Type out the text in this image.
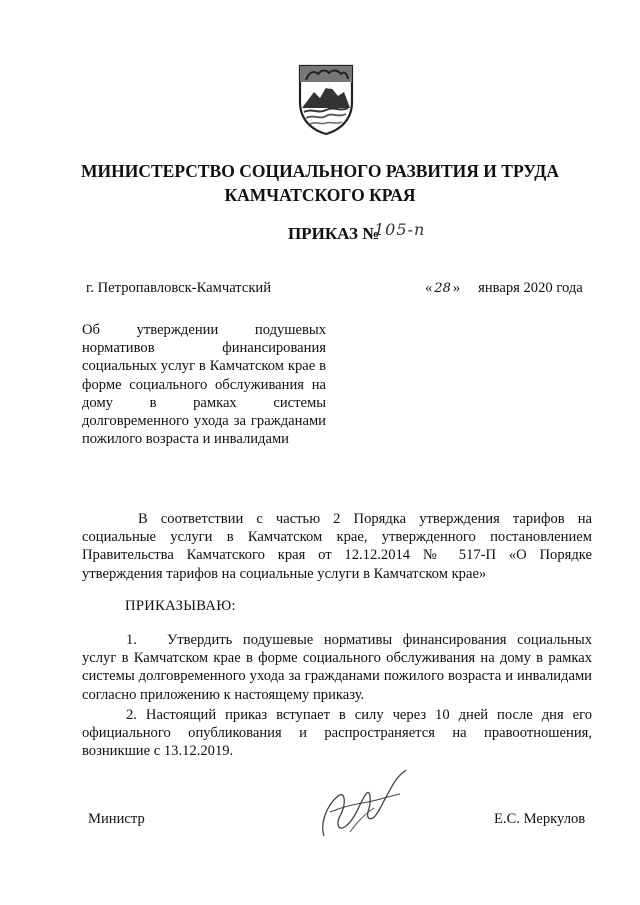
МИНИСТЕРСТВО СОЦИАЛЬНОГО РАЗВИТИЯ И ТРУДА
КАМЧАТСКОГО КРАЯ
ПРИКАЗ №
105-п
г. Петропавловск-Камчатский	« 28 » января 2020 года
Об утверждении подушевых нормативов финансирования социальных услуг в Камчатском крае в форме социального обслуживания на дому в рамках системы долговременного ухода за гражданами пожилого возраста и инвалидами
В соответствии с частью 2 Порядка утверждения тарифов на социальные услуги в Камчатском крае, утвержденного постановлением Правительства Камчатского края от 12.12.2014 № 517-П «О Порядке утверждения тарифов на социальные услуги в Камчатском крае»
ПРИКАЗЫВАЮ:
1. Утвердить подушевые нормативы финансирования социальных услуг в Камчатском крае в форме социального обслуживания на дому в рамках системы долговременного ухода за гражданами пожилого возраста и инвалидами согласно приложению к настоящему приказу.
2. Настоящий приказ вступает в силу через 10 дней после дня его официального опубликования и распространяется на правоотношения, возникшие с 13.12.2019.
Министр	Е.С. Меркулов
